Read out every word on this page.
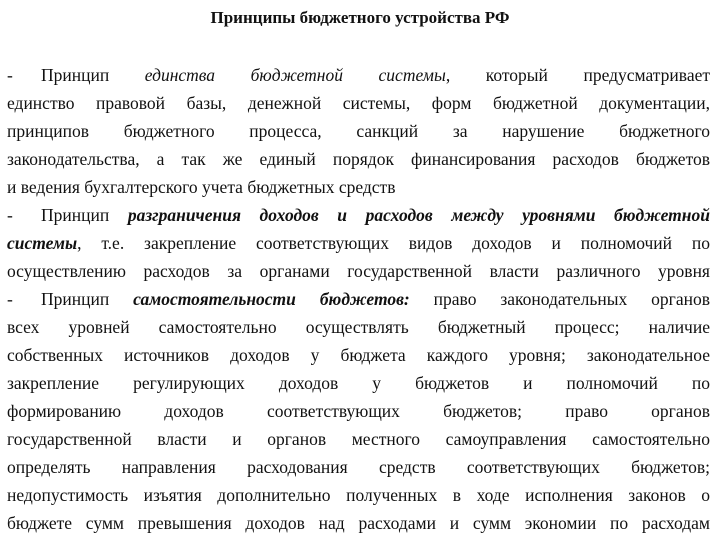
Принципы бюджетного устройства РФ
- Принцип единства бюджетной системы, который предусматривает
единство правовой базы, денежной системы, форм бюджетной документации,
принципов бюджетного процесса, санкций за нарушение бюджетного
законодательства, а так же единый порядок финансирования расходов бюджетов
и ведения бухгалтерского учета бюджетных средств
- Принцип разграничения доходов и расходов между уровнями бюджетной
системы, т.е. закрепление соответствующих видов доходов и полномочий по
осуществлению расходов за органами государственной власти различного уровня
- Принцип самостоятельности бюджетов: право законодательных органов
всех уровней самостоятельно осуществлять бюджетный процесс; наличие
собственных источников доходов у бюджета каждого уровня; законодательное
закрепление регулирующих доходов у бюджетов и полномочий по
формированию доходов соответствующих бюджетов; право органов
государственной власти и органов местного самоуправления самостоятельно
определять направления расходования средств соответствующих бюджетов;
недопустимость изъятия дополнительно полученных в ходе исполнения законов о
бюджете сумм превышения доходов над расходами и сумм экономии по расходам
